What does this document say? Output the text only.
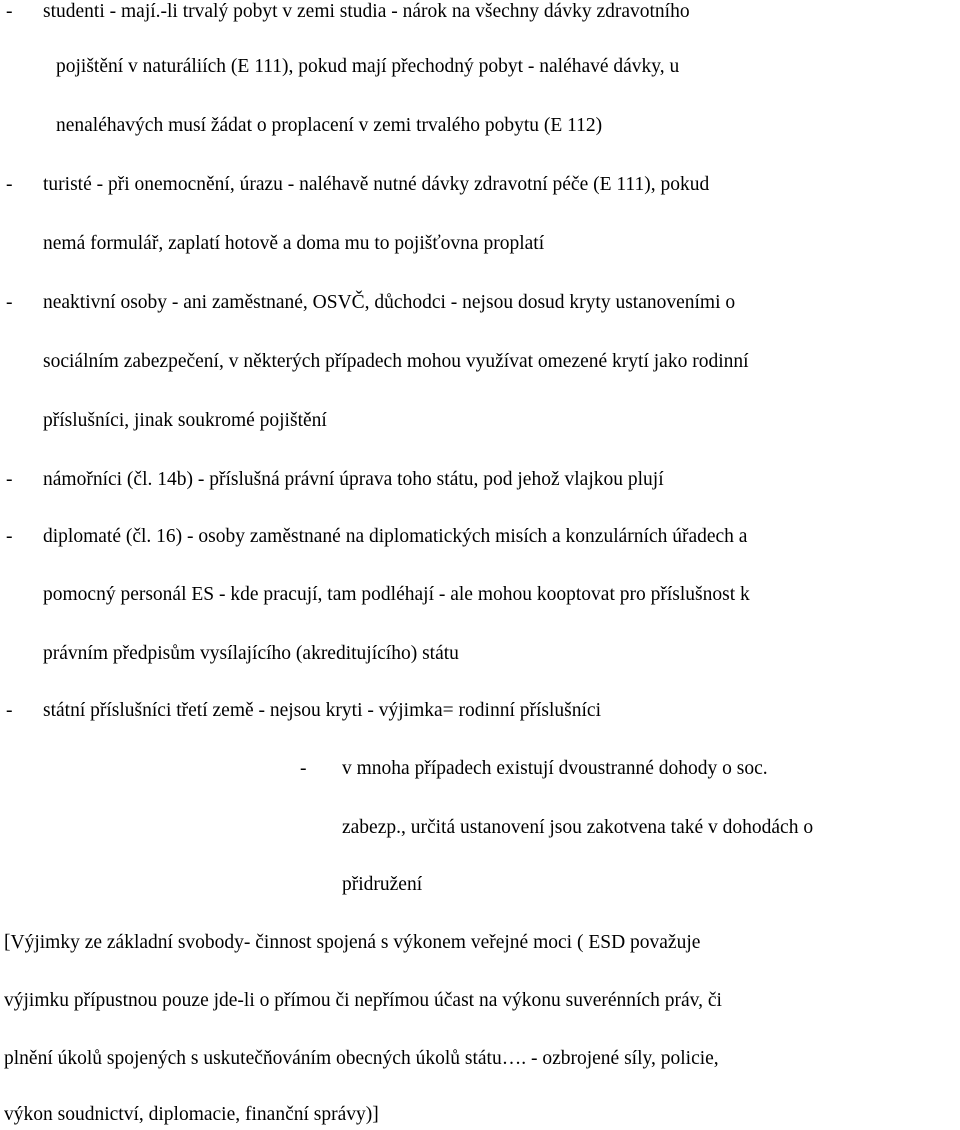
- studenti - mají.-li trvalý pobyt v zemi studia - nárok na všechny dávky zdravotního
pojištění v naturáliích (E 111), pokud mají přechodný pobyt - naléhavé dávky, u
nenaléhavých musí žádat o proplacení v zemi trvalého pobytu (E 112)
- turisté - při onemocnění, úrazu - naléhavě nutné dávky zdravotní péče (E 111), pokud
nemá formulář, zaplatí hotově a doma mu to pojišťovna proplatí
- neaktivní osoby - ani zaměstnané, OSVČ, důchodci - nejsou dosud kryty ustanoveními o
sociálním zabezpečení, v některých případech mohou využívat omezené krytí jako rodinní
příslušníci, jinak soukromé pojištění
- námořníci (čl. 14b) - příslušná právní úprava toho státu, pod jehož vlajkou plují
- diplomaté (čl. 16) - osoby zaměstnané na diplomatických misích a konzulárních úřadech a
pomocný personál ES - kde pracují, tam podléhají - ale mohou kooptovat pro příslušnost k
právním předpisům vysílajícího (akreditujícího) státu
- státní příslušníci třetí země - nejsou kryti - výjimka= rodinní příslušníci
- v mnoha případech existují dvoustranné dohody o soc.
zabezp., určitá ustanovení jsou zakotvena také v dohodách o
přidružení
[Výjimky ze základní svobody- činnost spojená s výkonem veřejné moci ( ESD považuje
výjimku přípustnou pouze jde-li o přímou či nepřímou účast na výkonu suverénních práv, či
plnění úkolů spojených s uskutečňováním obecných úkolů státu…. - ozbrojené síly, policie,
výkon soudnictví, diplomacie, finanční správy)]
